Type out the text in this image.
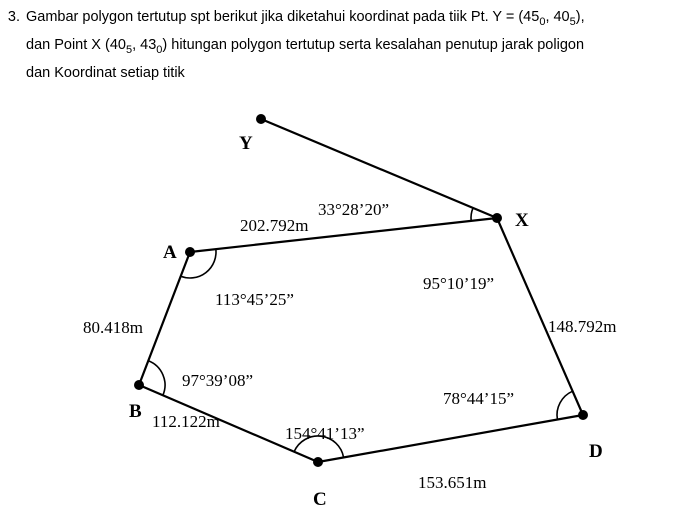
3. Gambar polygon tertutup spt berikut jika diketahui koordinat pada tiik Pt. $Y = (45_0$, $40_5$),
dan Point X ($40_5$, $43_0$) hitungan polygon tertutup serta kesalahan penutup jarak poligon
dan Koordinat setiap titik
Y
X
A
B
C
D
202.792m
80.418m
112.122m
153.651m
148.792m
33°28’20”
95°10’19”
113°45’25”
97°39’08”
154°41’13”
78°44’15”
